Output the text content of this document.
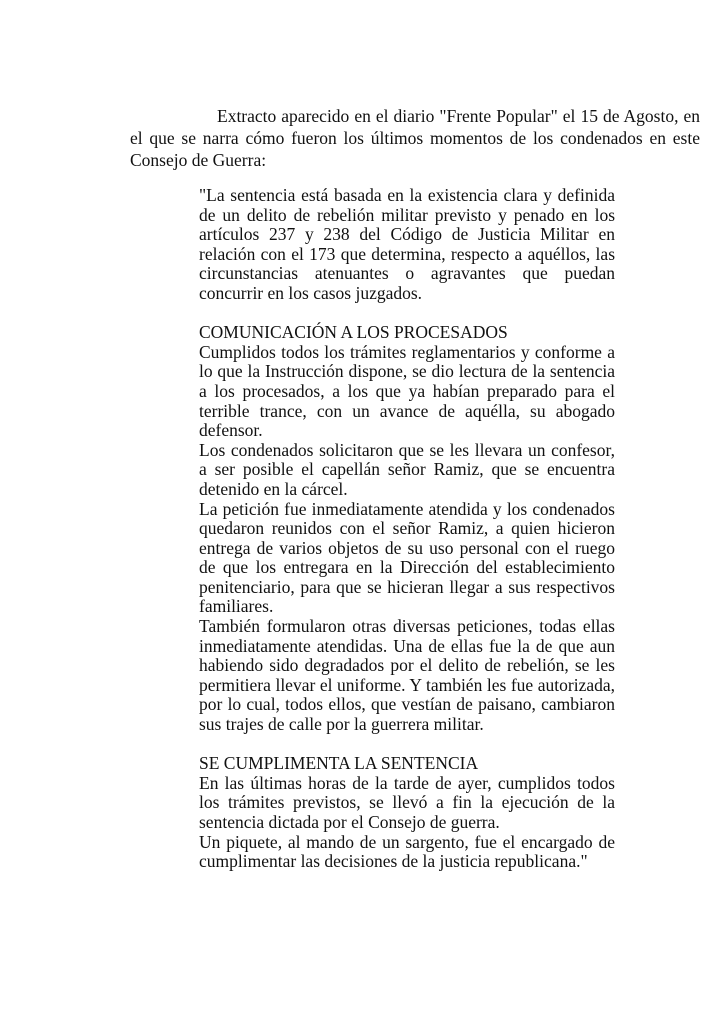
Extracto aparecido en el diario "Frente Popular" el 15 de Agosto, en el que se narra cómo fueron los últimos momentos de los condenados en este Consejo de Guerra:

"La sentencia está basada en la existencia clara y definida de un delito de rebelión militar previsto y penado en los artículos 237 y 238 del Código de Justicia Militar en relación con el 173 que determina, respecto a aquéllos, las circunstancias atenuantes o agravantes que puedan concurrir en los casos juzgados.

COMUNICACIÓN A LOS PROCESADOS

Cumplidos todos los trámites reglamentarios y conforme a lo que la Instrucción dispone, se dio lectura de la sentencia a los procesados, a los que ya habían preparado para el terrible trance, con un avance de aquélla, su abogado defensor.

Los condenados solicitaron que se les llevara un confesor, a ser posible el capellán señor Ramiz, que se encuentra detenido en la cárcel.

La petición fue inmediatamente atendida y los condenados quedaron reunidos con el señor Ramiz, a quien hicieron entrega de varios objetos de su uso personal con el ruego de que los entregara en la Dirección del establecimiento penitenciario, para que se hicieran llegar a sus respectivos familiares.

También formularon otras diversas peticiones, todas ellas inmediatamente atendidas. Una de ellas fue la de que aun habiendo sido degradados por el delito de rebelión, se les permitiera llevar el uniforme. Y también les fue autorizada, por lo cual, todos ellos, que vestían de paisano, cambiaron sus trajes de calle por la guerrera militar.

SE CUMPLIMENTA LA SENTENCIA

En las últimas horas de la tarde de ayer, cumplidos todos los trámites previstos, se llevó a fin la ejecución de la sentencia dictada por el Consejo de guerra.

Un piquete, al mando de un sargento, fue el encargado de cumplimentar las decisiones de la justicia republicana."
